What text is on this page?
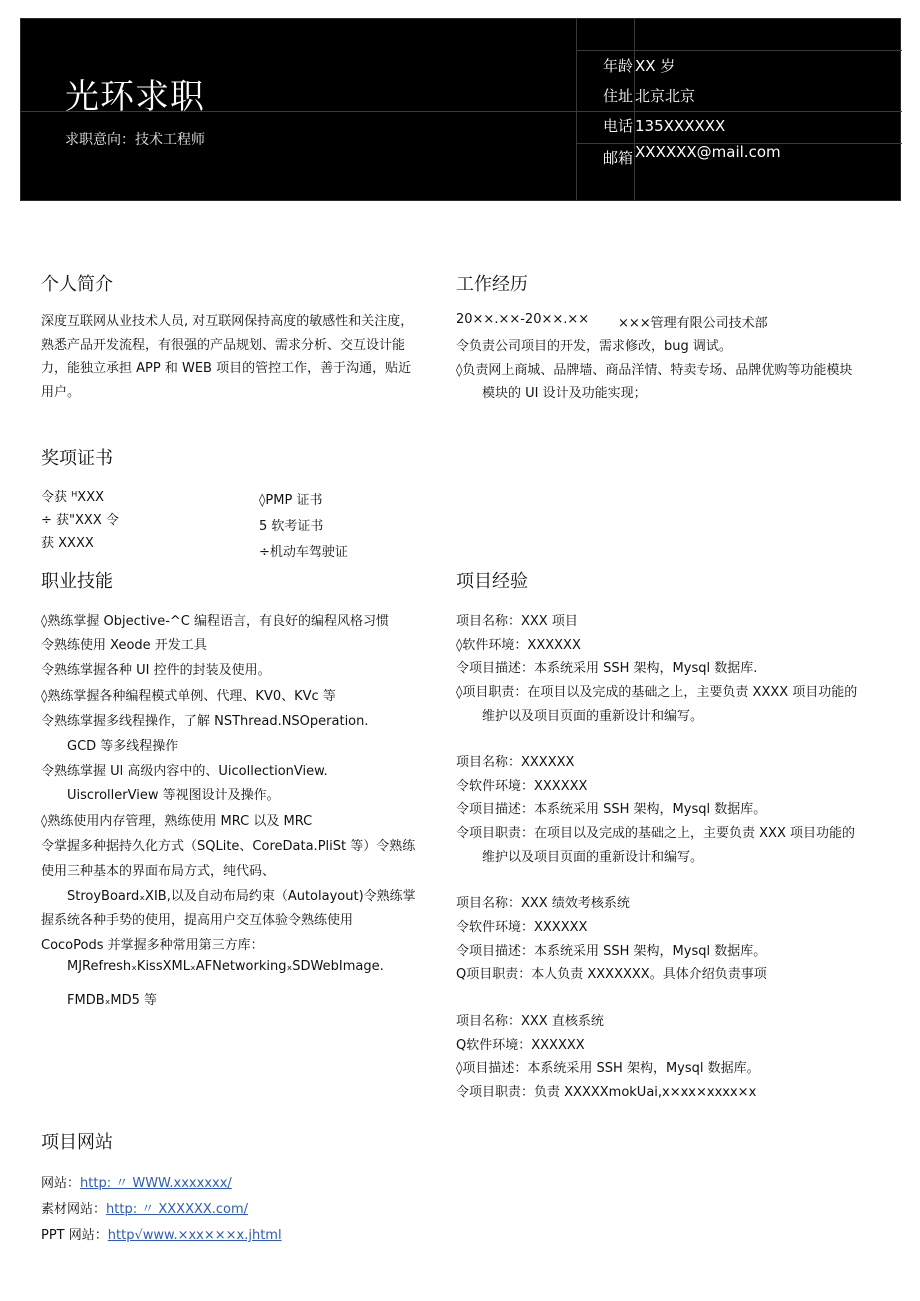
光环求职
求职意向：技术工程师
年龄 XX 岁
住址 北京北京
电话 135XXXXXX
邮箱 XXXXXX@mail.com
个人简介
深度互联网从业技术人员, 对互联网保持高度的敏感性和关注度，熟悉产品开发流程，有很强的产品规划、需求分析、交互设计能力，能独立承担 APP 和 WEB 项目的管控工作，善于沟通，贴近用户。
工作经历
20××.××-20××.×× ×××管理有限公司技术部
令负责公司项目的开发，需求修改，bug 调试。
◊负责网上商城、品牌墙、商品洋情、特卖专场、品牌优购等功能模块
模块的 UI 设计及功能实现；
奖项证书
令获 ᴴXXX
÷ 获"XXX 令
获 XXXX
◊PMP 证书
5 软考证书
÷机动车驾驶证
职业技能
◊熟练掌握 Objective-^C 编程语言，有良好的编程风格习惯
令熟练使用 Xeode 开发工具
令熟练掌握各种 UI 控件的封装及使用。
◊熟练掌握各种编程模式单例、代理、KV0、KVc 等
令熟练掌握多线程操作，了解 NSThread.NSOperation.
GCD 等多线程操作
令熟练掌握 Ul 高级内容中的、UicollectionView.
UiscrollerView 等视图设计及操作。
◊熟练使用内存管理，熟练使用 MRC 以及 MRC
令掌握多种据持久化方式（SQLite、CoreData.PliSt 等）令熟练
使用三种基本的界面布局方式，纯代码、
StroyBoardₓXIB,以及自动布局约束（Autolayout)令熟练掌
握系统各种手势的使用，提高用户交互体验令熟练使用
CocoPods 并掌握多种常用第三方库：
MJRefreshₓKissXMLₓAFNetworkingₓSDWebImage.
FMDBₓMD5 等
项目经验
项目名称：XXX 项目
◊软件环境：XXXXXX
令项目描述：本系统采用 SSH 架构，Mysql 数据库.
◊项目职责：在项目以及完成的基础之上，主要负责 XXXX 项目功能的
维护以及项目页面的重新设计和编写。
项目名称：XXXXXX
令软件环境：XXXXXX
令项目描述：本系统采用 SSH 架构，Mysql 数据库。
令项目职责：在项目以及完成的基础之上，主要负责 XXX 项目功能的
维护以及项目页面的重新设计和编写。
项目名称：XXX 绩效考核系统
令软件环境：XXXXXX
令项目描述：本系统采用 SSH 架构，Mysql 数据库。
Q项目职责：本人负责 XXXXXXX。具体介绍负责事项
项目名称：XXX 直核系统
Q软件环境：XXXXXX
◊项目描述：本系统采用 SSH 架构，Mysql 数据库。
令项目职责：负责 XXXXXmokUai,x×xx×xxxx×x
项目网站
网站：http: 〃 WWW.xxxxxxx/
素材网站：http: 〃 XXXXXX.com/
PPT 网站：http√www.×xx×××x.jhtml
